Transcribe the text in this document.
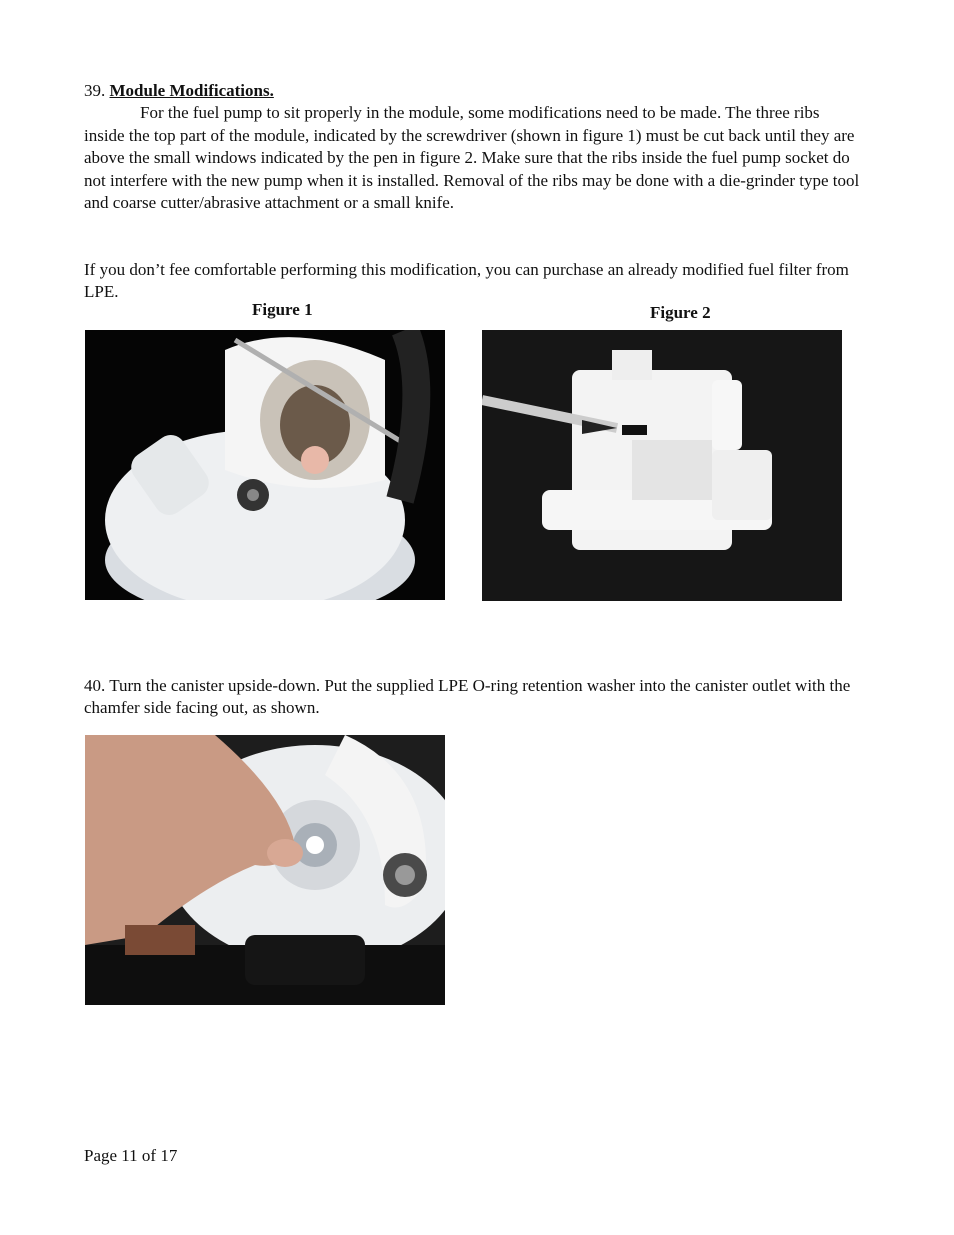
39. Module Modifications.
For the fuel pump to sit properly in the module, some modifications need to be made. The three ribs inside the top part of the module, indicated by the screwdriver (shown in figure 1) must be cut back until they are above the small windows indicated by the pen in figure 2. Make sure that the ribs inside the fuel pump socket do not interfere with the new pump when it is installed. Removal of the ribs may be done with a die-grinder type tool and coarse cutter/abrasive attachment or a small knife.
If you don’t fee comfortable performing this modification, you can purchase an already modified fuel filter from LPE.
Figure 1	Figure 2
40. Turn the canister upside-down. Put the supplied LPE O-ring retention washer into the canister outlet with the chamfer side facing out, as shown.
Page 11 of 17
